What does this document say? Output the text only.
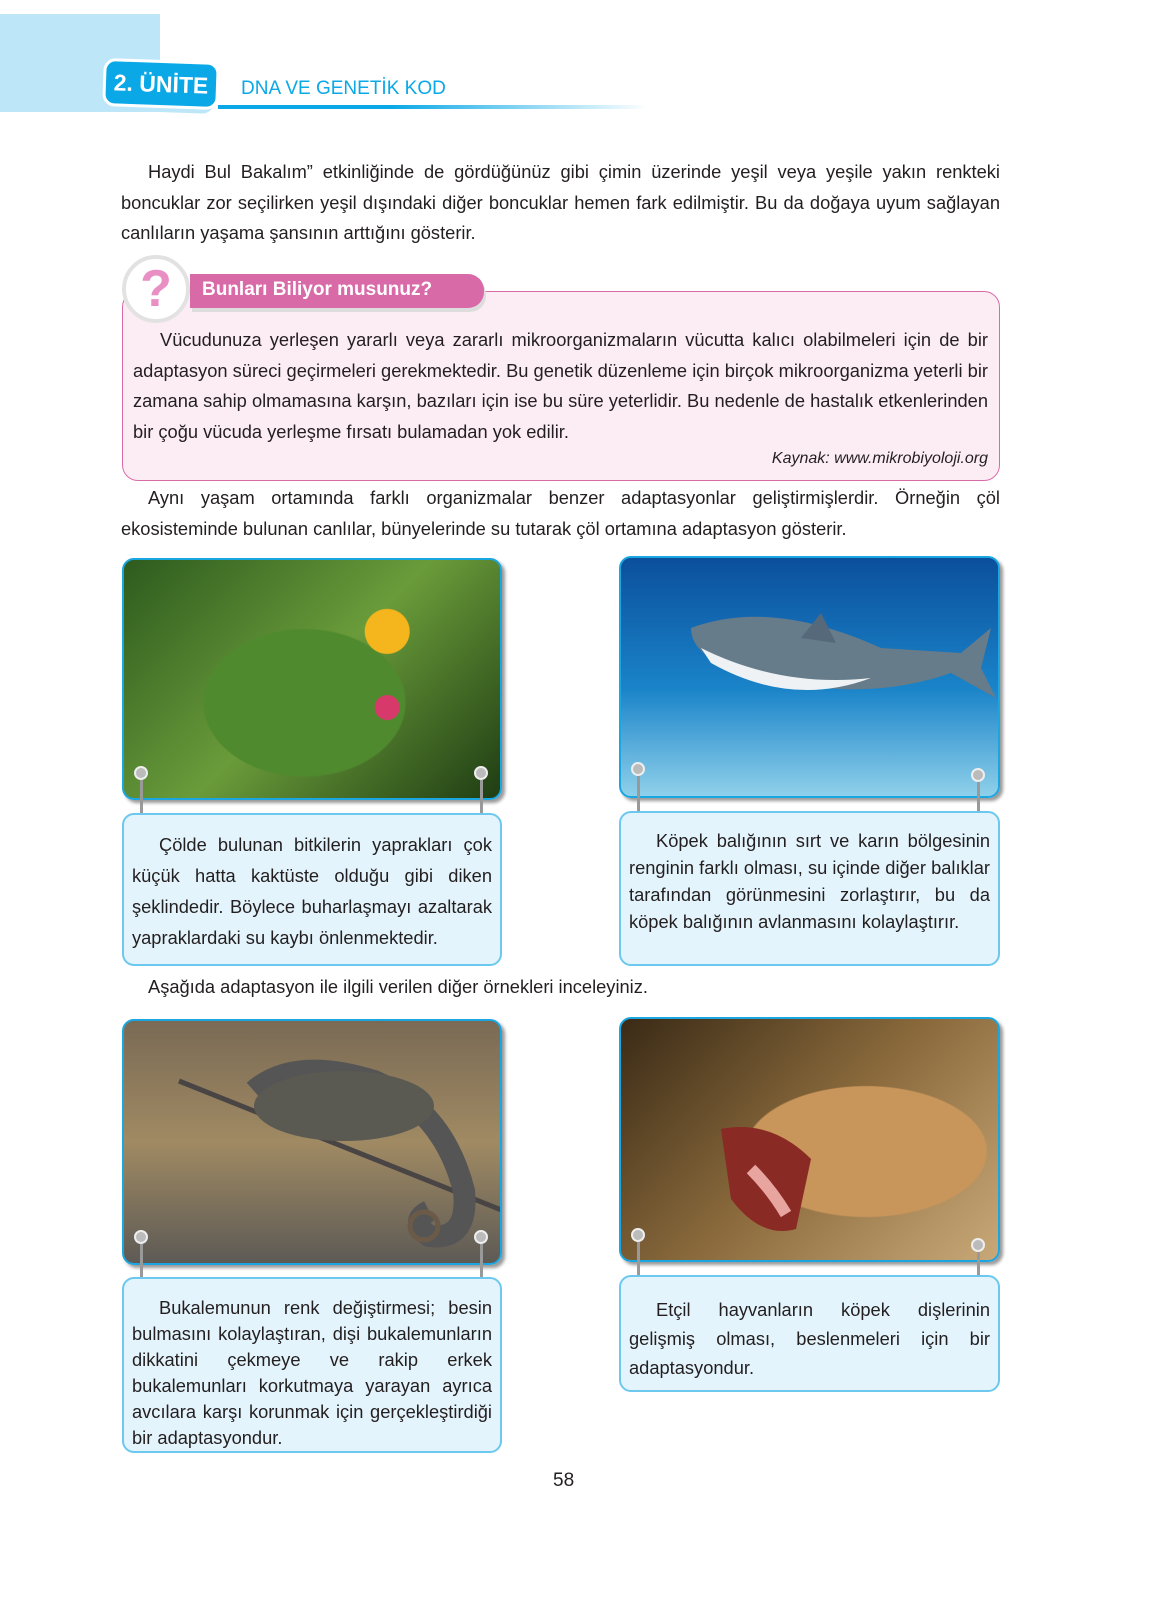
2. ÜNİTE	DNA VE GENETİK KOD

Haydi Bul Bakalım” etkinliğinde de gördüğünüz gibi çimin üzerinde yeşil veya yeşile yakın renkteki boncuklar zor seçilirken yeşil dışındaki diğer boncuklar hemen fark edilmiştir. Bu da doğaya uyum sağlayan canlıların yaşama şansının arttığını gösterir.

Bunları Biliyor musunuz?
?

Vücudunuza yerleşen yararlı veya zararlı mikroorganizmaların vücutta kalıcı olabilmeleri için de bir adaptasyon süreci geçirmeleri gerekmektedir. Bu genetik düzenleme için birçok mikroorganizma yeterli bir zamana sahip olmamasına karşın, bazıları için ise bu süre yeterlidir. Bu nedenle de hastalık etkenlerinden bir çoğu vücuda yerleşme fırsatı bulamadan yok edilir.

Kaynak: www.mikrobiyoloji.org

Aynı yaşam ortamında farklı organizmalar benzer adaptasyonlar geliştirmişlerdir. Örneğin çöl ekosisteminde bulunan canlılar, bünyelerinde su tutarak çöl ortamına adaptasyon gösterir.

Çölde bulunan bitkilerin yaprakları çok küçük hatta kaktüste olduğu gibi diken şeklindedir. Böylece buharlaşmayı azaltarak yapraklardaki su kaybı önlenmektedir.

Köpek balığının sırt ve karın bölgesinin renginin farklı olması, su içinde diğer balıklar tarafından görünmesini zorlaştırır, bu da köpek balığının avlanmasını kolaylaştırır.

Aşağıda adaptasyon ile ilgili verilen diğer örnekleri inceleyiniz.

Bukalemunun renk değiştirmesi; besin bulmasını kolaylaştıran, dişi bukalemunların dikkatini çekmeye ve rakip erkek bukalemunları korkutmaya yarayan ayrıca avcılara karşı korunmak için gerçekleştirdiği bir adaptasyondur.

Etçil hayvanların köpek dişlerinin gelişmiş olması, beslenmeleri için bir adaptasyondur.

58
